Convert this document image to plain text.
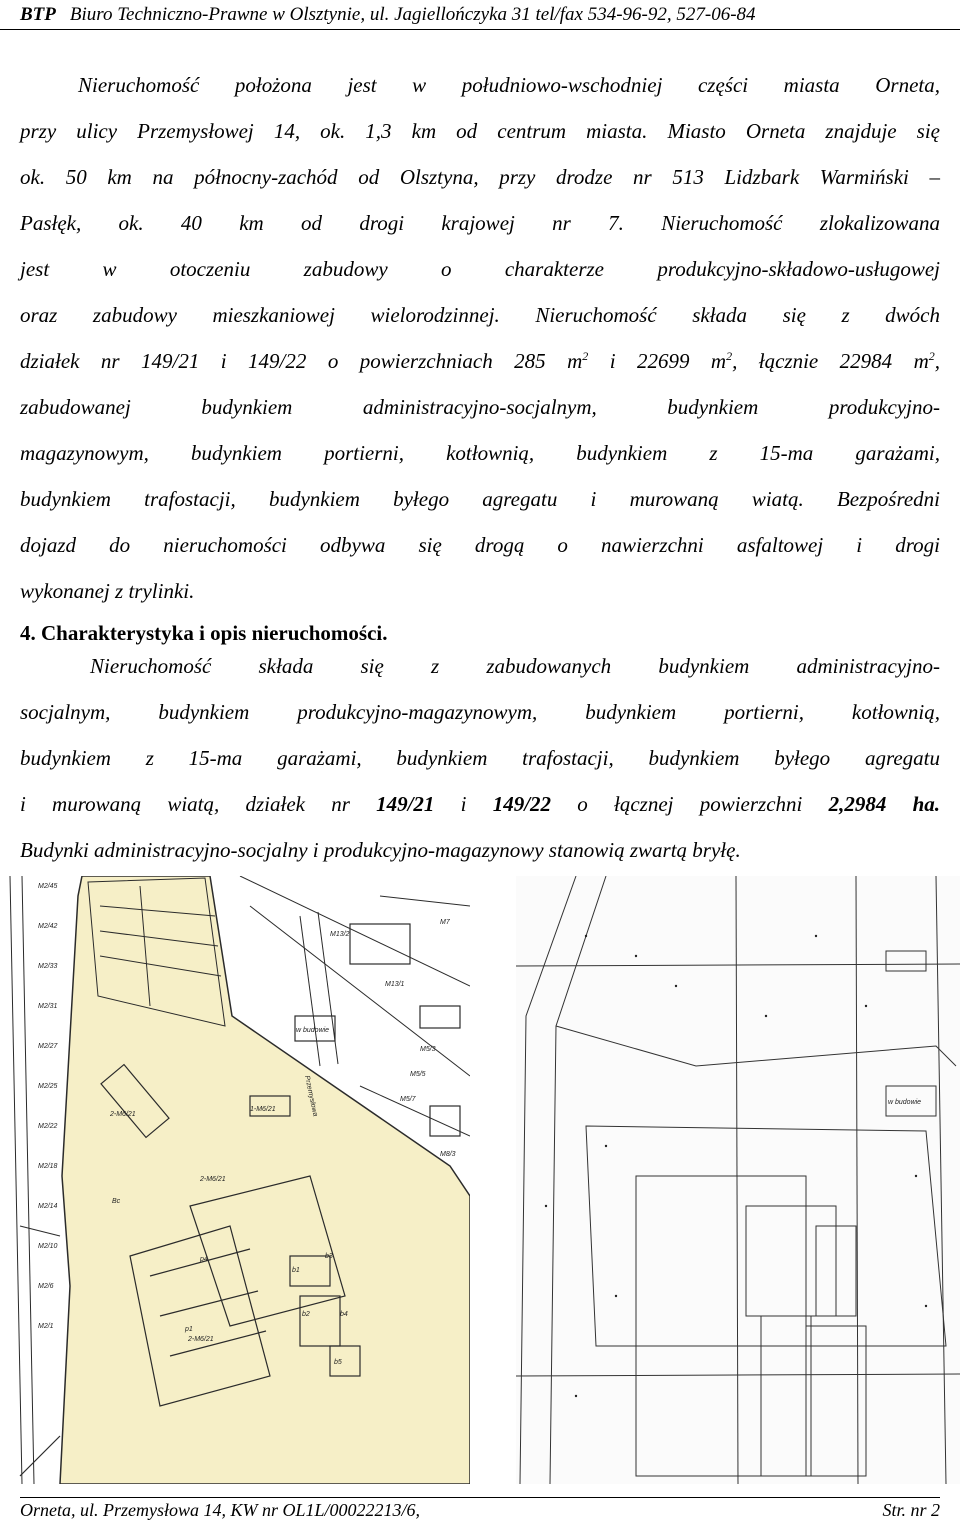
BTP Biuro Techniczno-Prawne w Olsztynie, ul. Jagiellończyka 31 tel/fax 534-96-92, 527-06-84
Nieruchomość położona jest w południowo-wschodniej części miasta Orneta,
przy ulicy Przemysłowej 14, ok. 1,3 km od centrum miasta. Miasto Orneta znajduje się
ok. 50 km na północny-zachód od Olsztyna, przy drodze nr 513 Lidzbark Warmiński –
Pasłęk, ok. 40 km od drogi krajowej nr 7. Nieruchomość zlokalizowana
jest w otoczeniu zabudowy o charakterze produkcyjno-składowo-usługowej
oraz zabudowy mieszkaniowej wielorodzinnej. Nieruchomość składa się z dwóch
działek nr 149/21 i 149/22 o powierzchniach 285 $m^2$ i 22699 $m^2$, łącznie 22984 $m^2$,
zabudowanej budynkiem administracyjno-socjalnym, budynkiem produkcyjno-
magazynowym, budynkiem portierni, kotłownią, budynkiem z 15-ma garażami,
budynkiem trafostacji, budynkiem byłego agregatu i murowaną wiatą. Bezpośredni
dojazd do nieruchomości odbywa się drogą o nawierzchni asfaltowej i drogi
wykonanej z trylinki.
4. Charakterystyka i opis nieruchomości.
Nieruchomość składa się z zabudowanych budynkiem administracyjno-
socjalnym, budynkiem produkcyjno-magazynowym, budynkiem portierni, kotłownią,
budynkiem z 15-ma garażami, budynkiem trafostacji, budynkiem byłego agregatu
i murowaną wiatą, działek nr 149/21 i 149/22 o łącznej powierzchni 2,2984 ha.
Budynki administracyjno-socjalny i produkcyjno-magazynowy stanowią zwartą bryłę.
M2/45
M2/42
M2/33
M2/31
M2/27
M2/25
M2/22
M2/18
M2/14
M2/10
M2/6
M2/1
M7
M5/3
M5/5
M5/7
M8/3
M13/2
M13/1
w budowie
Przemysłowa
Bc
2-M6/21
1-M6/21
2-M6/21
b1
b2
b3
b4
b5
p4
p1
2-M6/21
w budowie
Orneta, ul. Przemysłowa 14, KW nr OL1L/00022213/6,	Str. nr 2
